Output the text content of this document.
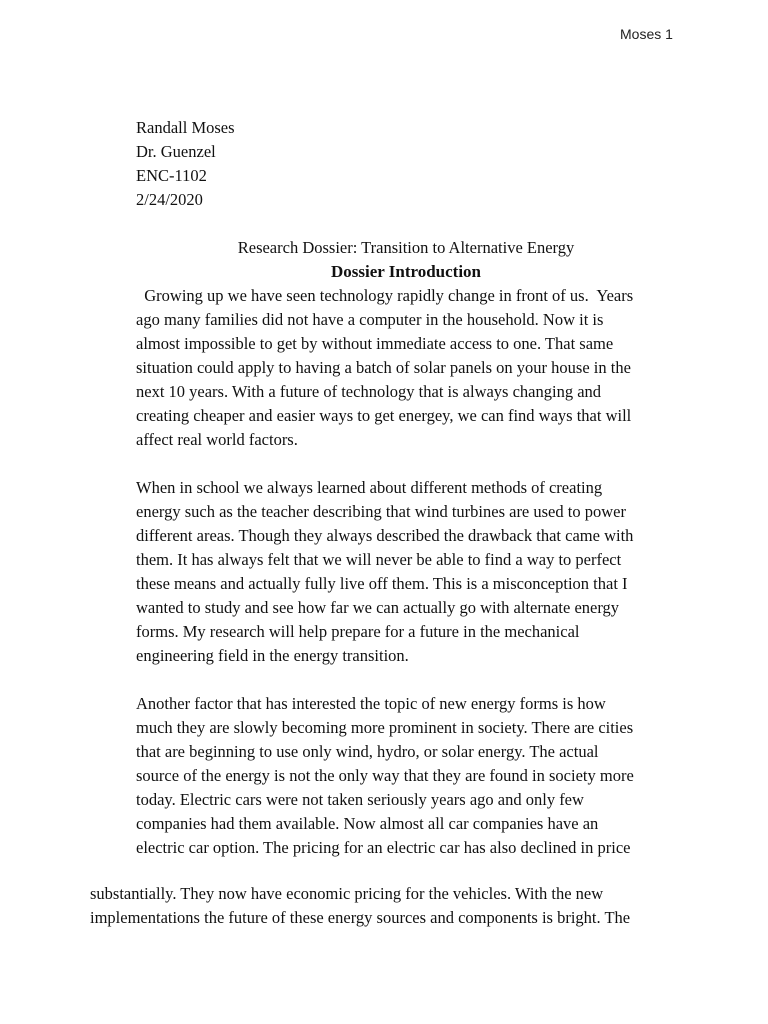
Moses 1
Randall Moses
Dr. Guenzel
ENC-1102
2/24/2020
Research Dossier: Transition to Alternative Energy
Dossier Introduction
Growing up we have seen technology rapidly change in front of us.  Years
ago many families did not have a computer in the household. Now it is
almost impossible to get by without immediate access to one. That same
situation could apply to having a batch of solar panels on your house in the
next 10 years. With a future of technology that is always changing and
creating cheaper and easier ways to get energey, we can find ways that will
affect real world factors.
When in school we always learned about different methods of creating
energy such as the teacher describing that wind turbines are used to power
different areas. Though they always described the drawback that came with
them. It has always felt that we will never be able to find a way to perfect
these means and actually fully live off them. This is a misconception that I
wanted to study and see how far we can actually go with alternate energy
forms. My research will help prepare for a future in the mechanical
engineering field in the energy transition.
Another factor that has interested the topic of new energy forms is how
much they are slowly becoming more prominent in society. There are cities
that are beginning to use only wind, hydro, or solar energy. The actual
source of the energy is not the only way that they are found in society more
today. Electric cars were not taken seriously years ago and only few
companies had them available. Now almost all car companies have an
electric car option. The pricing for an electric car has also declined in price
substantially. They now have economic pricing for the vehicles. With the new
implementations the future of these energy sources and components is bright. The
